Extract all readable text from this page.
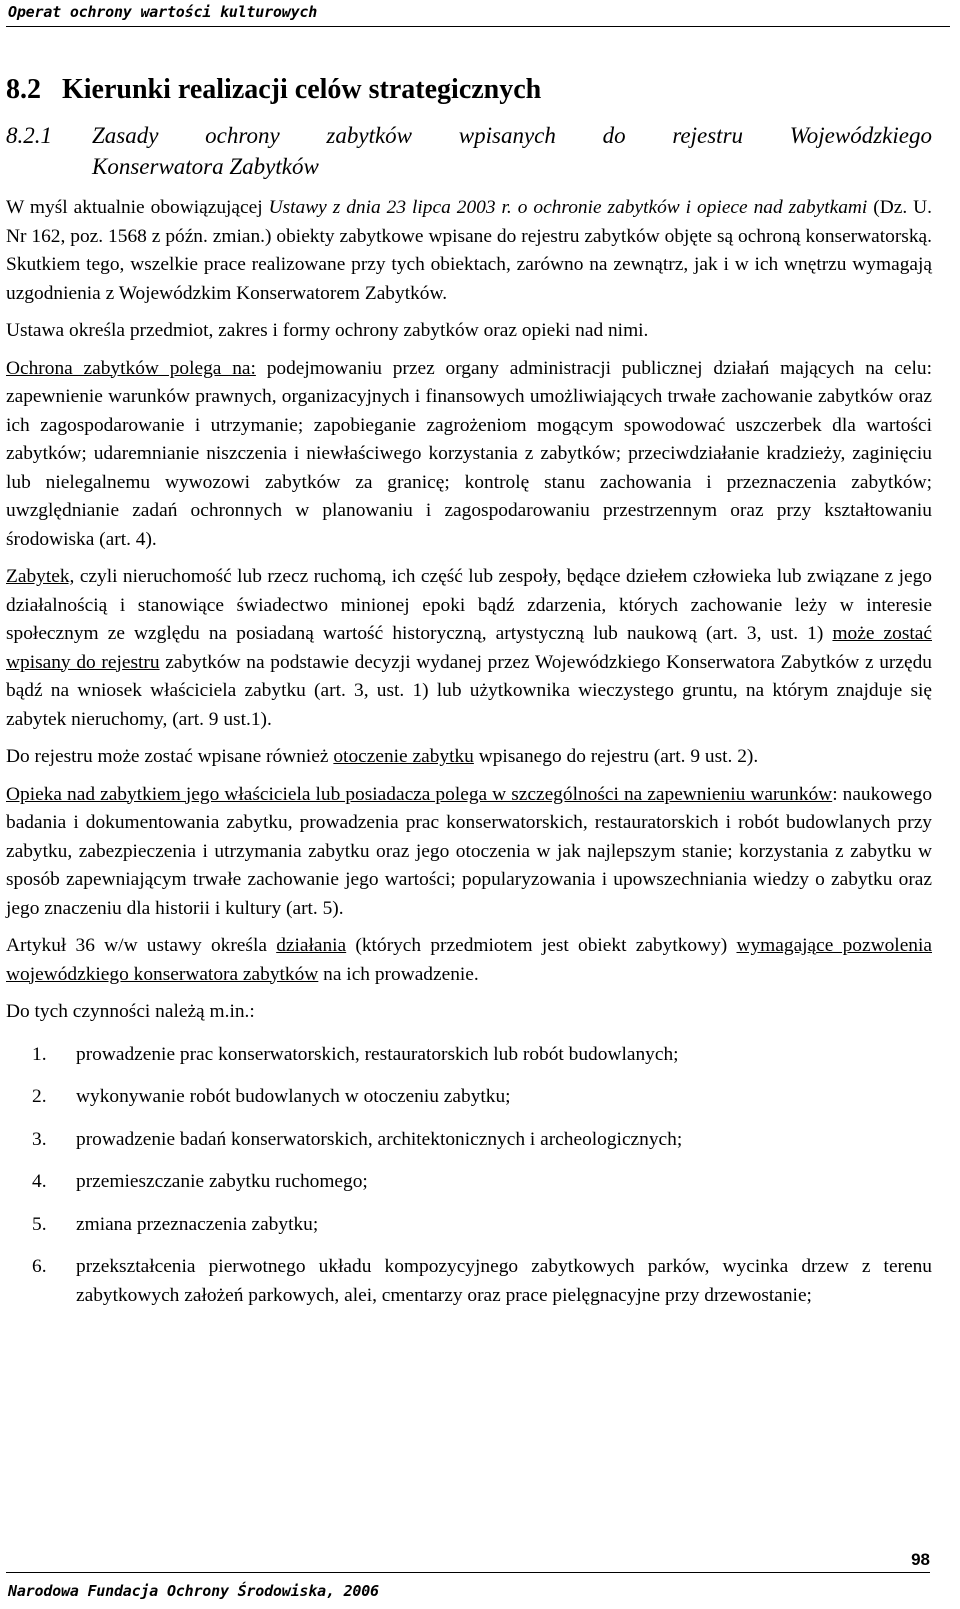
Operat ochrony wartości kulturowych
8.2 Kierunki realizacji celów strategicznych
8.2.1	Zasady ochrony zabytków wpisanych do rejestru Wojewódzkiego
Konserwatora Zabytków

W myśl aktualnie obowiązującej Ustawy z dnia 23 lipca 2003 r. o ochronie zabytków i opiece nad zabytkami (Dz. U. Nr 162, poz. 1568 z późn. zmian.) obiekty zabytkowe wpisane do rejestru zabytków objęte są ochroną konserwatorską. Skutkiem tego, wszelkie prace realizowane przy tych obiektach, zarówno na zewnątrz, jak i w ich wnętrzu wymagają uzgodnienia z Wojewódzkim Konserwatorem Zabytków.

Ustawa określa przedmiot, zakres i formy ochrony zabytków oraz opieki nad nimi.

Ochrona zabytków polega na: podejmowaniu przez organy administracji publicznej działań mających na celu: zapewnienie warunków prawnych, organizacyjnych i finansowych umożliwiających trwałe zachowanie zabytków oraz ich zagospodarowanie i utrzymanie; zapobieganie zagrożeniom mogącym spowodować uszczerbek dla wartości zabytków; udaremnianie niszczenia i niewłaściwego korzystania z zabytków; przeciwdziałanie kradzieży, zaginięciu lub nielegalnemu wywozowi zabytków za granicę; kontrolę stanu zachowania i przeznaczenia zabytków; uwzględnianie zadań ochronnych w planowaniu i zagospodarowaniu przestrzennym oraz przy kształtowaniu środowiska (art. 4).

Zabytek, czyli nieruchomość lub rzecz ruchomą, ich część lub zespoły, będące dziełem człowieka lub związane z jego działalnością i stanowiące świadectwo minionej epoki bądź zdarzenia, których zachowanie leży w interesie społecznym ze względu na posiadaną wartość historyczną, artystyczną lub naukową (art. 3, ust. 1) może zostać wpisany do rejestru zabytków na podstawie decyzji wydanej przez Wojewódzkiego Konserwatora Zabytków z urzędu bądź na wniosek właściciela zabytku (art. 3, ust. 1) lub użytkownika wieczystego gruntu, na którym znajduje się zabytek nieruchomy, (art. 9 ust.1).

Do rejestru może zostać wpisane również otoczenie zabytku wpisanego do rejestru (art. 9 ust. 2).

Opieka nad zabytkiem jego właściciela lub posiadacza polega w szczególności na zapewnieniu warunków: naukowego badania i dokumentowania zabytku, prowadzenia prac konserwatorskich, restauratorskich i robót budowlanych przy zabytku, zabezpieczenia i utrzymania zabytku oraz jego otoczenia w jak najlepszym stanie; korzystania z zabytku w sposób zapewniającym trwałe zachowanie jego wartości; popularyzowania i upowszechniania wiedzy o zabytku oraz jego znaczeniu dla historii i kultury (art. 5).

Artykuł 36 w/w ustawy określa działania (których przedmiotem jest obiekt zabytkowy) wymagające pozwolenia wojewódzkiego konserwatora zabytków na ich prowadzenie.

Do tych czynności należą m.in.:

1.	prowadzenie prac konserwatorskich, restauratorskich lub robót budowlanych;
2.	wykonywanie robót budowlanych w otoczeniu zabytku;
3.	prowadzenie badań konserwatorskich, architektonicznych i archeologicznych;
4.	przemieszczanie zabytku ruchomego;
5.	zmiana przeznaczenia zabytku;
6.	przekształcenia pierwotnego układu kompozycyjnego zabytkowych parków, wycinka drzew z terenu zabytkowych założeń parkowych, alei, cmentarzy oraz prace pielęgnacyjne przy drzewostanie;
98
Narodowa Fundacja Ochrony Środowiska, 2006
